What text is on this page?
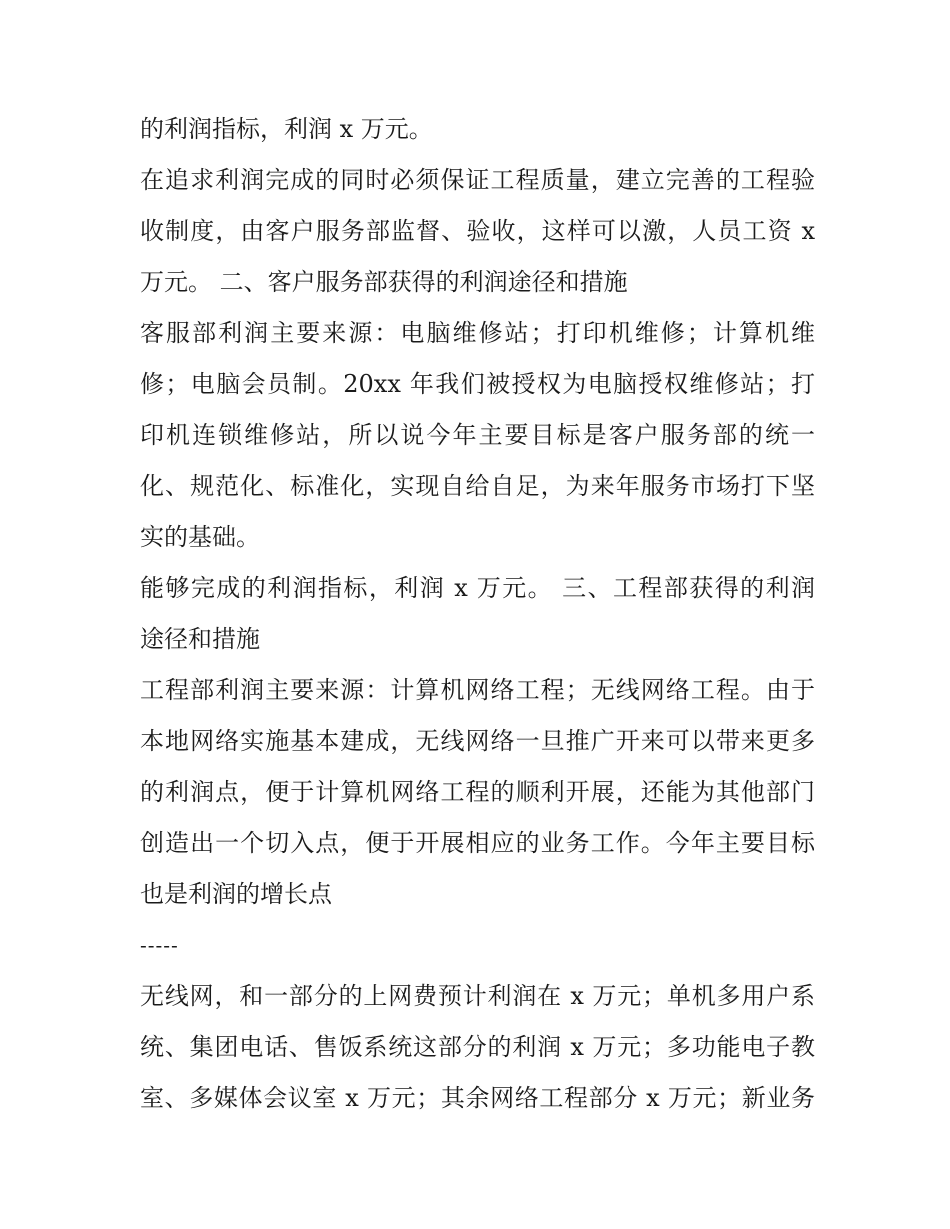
的利润指标，利润 x 万元。
在追求利润完成的同时必须保证工程质量，建立完善的工程验
收制度，由客户服务部监督、验收，这样可以激，人员工资 x
万元。 二、客户服务部获得的利润途径和措施
客服部利润主要来源：电脑维修站；打印机维修；计算机维
修；电脑会员制。20xx 年我们被授权为电脑授权维修站；打
印机连锁维修站，所以说今年主要目标是客户服务部的统一
化、规范化、标准化，实现自给自足，为来年服务市场打下坚
实的基础。
能够完成的利润指标，利润 x 万元。 三、工程部获得的利润
途径和措施
工程部利润主要来源：计算机网络工程；无线网络工程。由于
本地网络实施基本建成，无线网络一旦推广开来可以带来更多
的利润点，便于计算机网络工程的顺利开展，还能为其他部门
创造出一个切入点，便于开展相应的业务工作。今年主要目标
也是利润的增长点
-----
无线网，和一部分的上网费预计利润在 x 万元；单机多用户系
统、集团电话、售饭系统这部分的利润 x 万元；多功能电子教
室、多媒体会议室 x 万元；其余网络工程部分 x 万元；新业务
